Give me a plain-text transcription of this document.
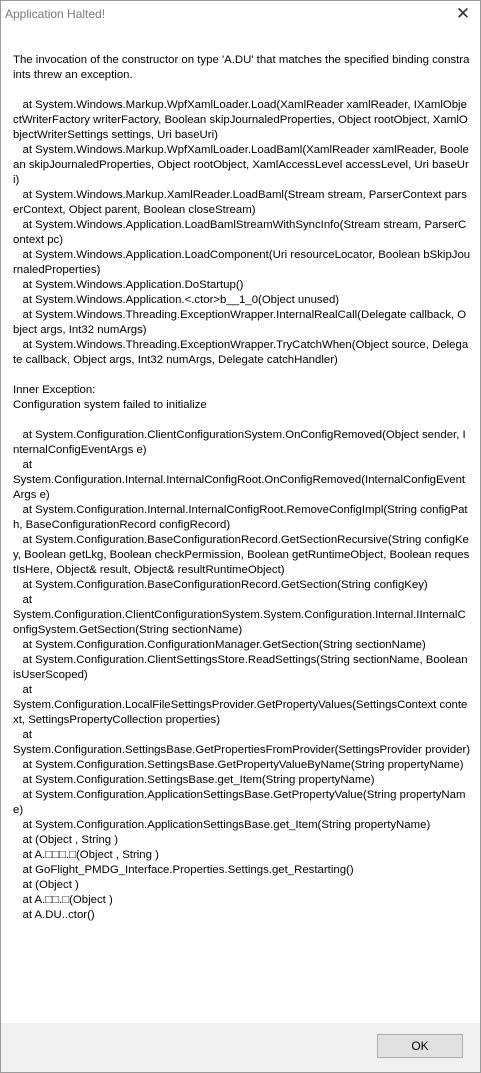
Application Halted!	✕
The invocation of the constructor on type 'A.DU' that matches the specified binding constraints threw an exception.

at System.Windows.Markup.WpfXamlLoader.Load(XamlReader xamlReader, IXamlObjectWriterFactory writerFactory, Boolean skipJournaledProperties, Object rootObject, XamlObjectWriterSettings settings, Uri baseUri)
at System.Windows.Markup.WpfXamlLoader.LoadBaml(XamlReader xamlReader, Boolean skipJournaledProperties, Object rootObject, XamlAccessLevel accessLevel, Uri baseUri)
at System.Windows.Markup.XamlReader.LoadBaml(Stream stream, ParserContext parserContext, Object parent, Boolean closeStream)
at System.Windows.Application.LoadBamlStreamWithSyncInfo(Stream stream, ParserContext pc)
at System.Windows.Application.LoadComponent(Uri resourceLocator, Boolean bSkipJournaledProperties)
at System.Windows.Application.DoStartup()
at System.Windows.Application.<.ctor>b__1_0(Object unused)
at System.Windows.Threading.ExceptionWrapper.InternalRealCall(Delegate callback, Object args, Int32 numArgs)
at System.Windows.Threading.ExceptionWrapper.TryCatchWhen(Object source, Delegate callback, Object args, Int32 numArgs, Delegate catchHandler)

Inner Exception:
Configuration system failed to initialize

at System.Configuration.ClientConfigurationSystem.OnConfigRemoved(Object sender, InternalConfigEventArgs e)
at
System.Configuration.Internal.InternalConfigRoot.OnConfigRemoved(InternalConfigEventArgs e)
at System.Configuration.Internal.InternalConfigRoot.RemoveConfigImpl(String configPath, BaseConfigurationRecord configRecord)
at System.Configuration.BaseConfigurationRecord.GetSectionRecursive(String configKey, Boolean getLkg, Boolean checkPermission, Boolean getRuntimeObject, Boolean requestIsHere, Object& result, Object& resultRuntimeObject)
at System.Configuration.BaseConfigurationRecord.GetSection(String configKey)
at
System.Configuration.ClientConfigurationSystem.System.Configuration.Internal.IInternalConfigSystem.GetSection(String sectionName)
at System.Configuration.ConfigurationManager.GetSection(String sectionName)
at System.Configuration.ClientSettingsStore.ReadSettings(String sectionName, Boolean isUserScoped)
at
System.Configuration.LocalFileSettingsProvider.GetPropertyValues(SettingsContext context, SettingsPropertyCollection properties)
at
System.Configuration.SettingsBase.GetPropertiesFromProvider(SettingsProvider provider)
at System.Configuration.SettingsBase.GetPropertyValueByName(String propertyName)
at System.Configuration.SettingsBase.get_Item(String propertyName)
at System.Configuration.ApplicationSettingsBase.GetPropertyValue(String propertyName)
at System.Configuration.ApplicationSettingsBase.get_Item(String propertyName)
at (Object , String )
at A.□□□.□(Object , String )
at GoFlight_PMDG_Interface.Properties.Settings.get_Restarting()
at (Object )
at A.□□.□(Object )
at A.DU..ctor()
OK
